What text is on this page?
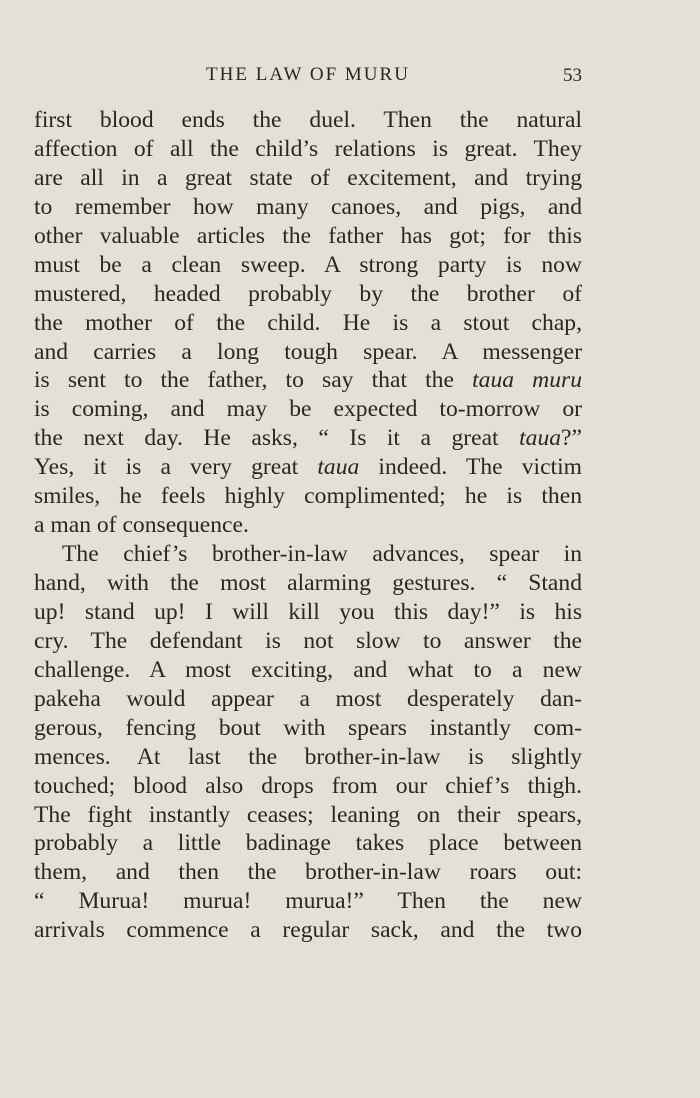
THE LAW OF MURU	53
first blood ends the duel. Then the natural
affection of all the child’s relations is great. They
are all in a great state of excitement, and trying
to remember how many canoes, and pigs, and
other valuable articles the father has got; for this
must be a clean sweep. A strong party is now
mustered, headed probably by the brother of
the mother of the child. He is a stout chap,
and carries a long tough spear. A messenger
is sent to the father, to say that the taua muru
is coming, and may be expected to-morrow or
the next day. He asks, “ Is it a great taua?”
Yes, it is a very great taua indeed. The victim
smiles, he feels highly complimented; he is then
a man of consequence.
The chief’s brother-in-law advances, spear in
hand, with the most alarming gestures. “ Stand
up! stand up! I will kill you this day!” is his
cry. The defendant is not slow to answer the
challenge. A most exciting, and what to a new
pakeha would appear a most desperately dan-
gerous, fencing bout with spears instantly com-
mences. At last the brother-in-law is slightly
touched; blood also drops from our chief’s thigh.
The fight instantly ceases; leaning on their spears,
probably a little badinage takes place between
them, and then the brother-in-law roars out:
“ Murua! murua! murua!” Then the new
arrivals commence a regular sack, and the two
